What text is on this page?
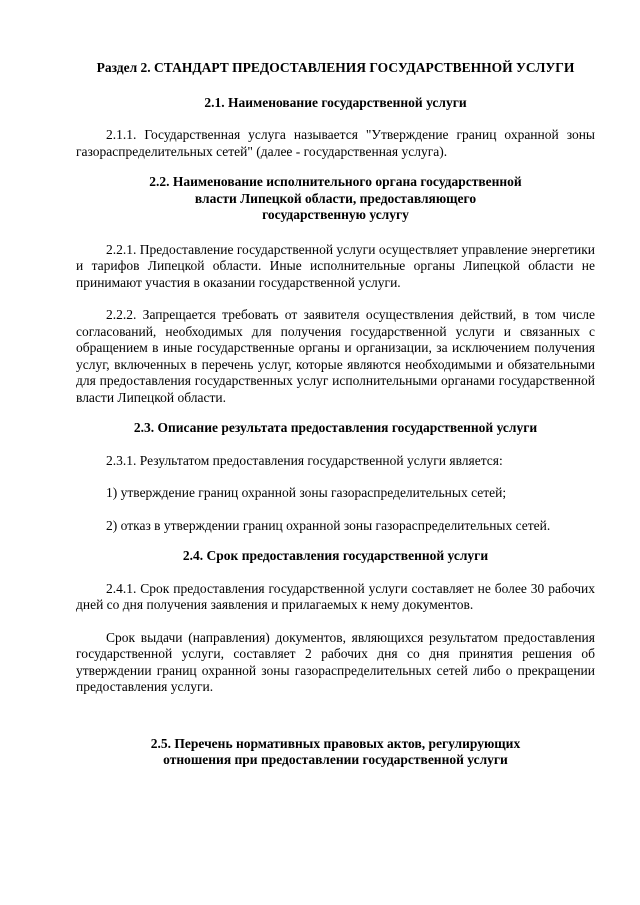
Раздел 2. СТАНДАРТ ПРЕДОСТАВЛЕНИЯ ГОСУДАРСТВЕННОЙ УСЛУГИ

2.1. Наименование государственной услуги

2.1.1. Государственная услуга называется "Утверждение границ охранной зоны газораспределительных сетей" (далее - государственная услуга).

2.2. Наименование исполнительного органа государственной

власти Липецкой области, предоставляющего

государственную услугу

2.2.1. Предоставление государственной услуги осуществляет управление энергетики и тарифов Липецкой области. Иные исполнительные органы Липецкой области не принимают участия в оказании государственной услуги.

2.2.2. Запрещается требовать от заявителя осуществления действий, в том числе согласований, необходимых для получения государственной услуги и связанных с обращением в иные государственные органы и организации, за исключением получения услуг, включенных в перечень услуг, которые являются необходимыми и обязательными для предоставления государственных услуг исполнительными органами государственной власти Липецкой области.

2.3. Описание результата предоставления государственной услуги

2.3.1. Результатом предоставления государственной услуги является:

1) утверждение границ охранной зоны газораспределительных сетей;

2) отказ в утверждении границ охранной зоны газораспределительных сетей.

2.4. Срок предоставления государственной услуги

2.4.1. Срок предоставления государственной услуги составляет не более 30 рабочих дней со дня получения заявления и прилагаемых к нему документов.

Срок выдачи (направления) документов, являющихся результатом предоставления государственной услуги, составляет 2 рабочих дня со дня принятия решения об утверждении границ охранной зоны газораспределительных сетей либо о прекращении предоставления услуги.

2.5. Перечень нормативных правовых актов, регулирующих

отношения при предоставлении государственной услуги
